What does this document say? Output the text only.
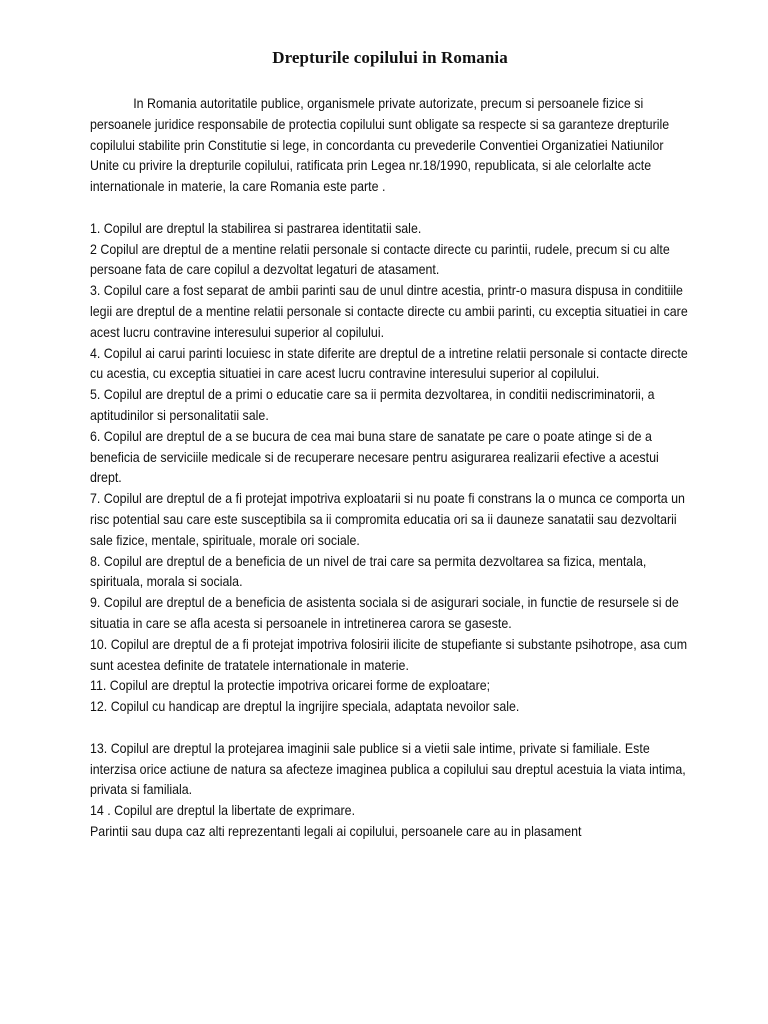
Drepturile copilului in Romania

In Romania autoritatile publice, organismele private autorizate, precum si persoanele fizice si persoanele juridice responsabile de protectia copilului sunt obligate sa respecte si sa garanteze drepturile copilului stabilite prin Constitutie si lege, in concordanta cu prevederile Conventiei Organizatiei Natiunilor Unite cu privire la drepturile copilului, ratificata prin Legea nr.18/1990, republicata, si ale celorlalte acte internationale in materie, la care Romania este parte .

1. Copilul are dreptul la stabilirea si pastrarea identitatii sale.

2 Copilul are dreptul de a mentine relatii personale si contacte directe cu parintii, rudele, precum si cu alte persoane fata de care copilul a dezvoltat legaturi de atasament.

3. Copilul care a fost separat de ambii parinti sau de unul dintre acestia, printr-o masura dispusa in conditiile legii are dreptul de a mentine relatii personale si contacte directe cu ambii parinti, cu exceptia situatiei in care acest lucru contravine interesului superior al copilului.

4. Copilul ai carui parinti locuiesc in state diferite are dreptul de a intretine relatii personale si contacte directe cu acestia, cu exceptia situatiei in care acest lucru contravine interesului superior al copilului.

5. Copilul are dreptul de a primi o educatie care sa ii permita dezvoltarea, in conditii nediscriminatorii, a aptitudinilor si personalitatii sale.

6. Copilul are dreptul de a se bucura de cea mai buna stare de sanatate pe care o poate atinge si de a beneficia de serviciile medicale si de recuperare necesare pentru asigurarea realizarii efective a acestui drept.

7. Copilul are dreptul de a fi protejat impotriva exploatarii si nu poate fi constrans la o munca ce comporta un risc potential sau care este susceptibila sa ii compromita educatia ori sa ii dauneze sanatatii sau dezvoltarii sale fizice, mentale, spirituale, morale ori sociale.

8. Copilul are dreptul de a beneficia de un nivel de trai care sa permita dezvoltarea sa fizica, mentala, spirituala, morala si sociala.

9. Copilul are dreptul de a beneficia de asistenta sociala si de asigurari sociale, in functie de resursele si de situatia in care se afla acesta si persoanele in intretinerea carora se gaseste.

10. Copilul are dreptul de a fi protejat impotriva folosirii ilicite de stupefiante si substante psihotrope, asa cum sunt acestea definite de tratatele internationale in materie.

11. Copilul are dreptul la protectie impotriva oricarei forme de exploatare;

12. Copilul cu handicap are dreptul la ingrijire speciala, adaptata nevoilor sale.

13. Copilul are dreptul la protejarea imaginii sale publice si a vietii sale intime, private si familiale. Este interzisa orice actiune de natura sa afecteze imaginea publica a copilului sau dreptul acestuia la viata intima, privata si familiala.

14 . Copilul are dreptul la libertate de exprimare.

Parintii sau dupa caz alti reprezentanti legali ai copilului, persoanele care au in plasament
